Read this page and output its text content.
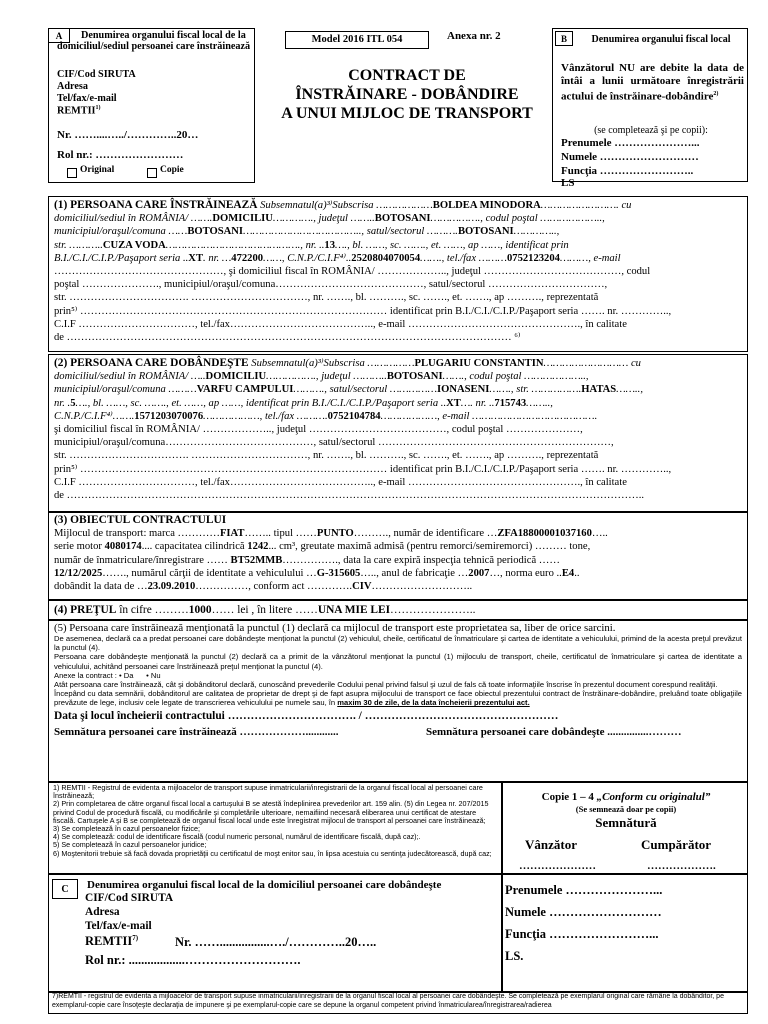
A	Denumirea organului fiscal local de la domiciliul/sediul persoanei care înstrăinează
CIF/Cod SIRUTA
Adresa
Tel/fax/e-mail
REMTII$^{1)}$
Nr. ……....…../…………..20…
Rol nr.: ……………………
Original	Copie
Model 2016 ITL 054	Anexa nr. 2
CONTRACT DE
ÎNSTRĂINARE - DOBÂNDIRE
A UNUI MIJLOC DE TRANSPORT
B	Denumirea organului fiscal local
Vânzătorul NU are debite la data de întâi a lunii următoare înregistrării actului de înstrăinare-dobândire$^{2)}$
(se completează şi pe copii):
Prenumele …………………...
Numele ………………………
Funcţia ……………………..
LS
(1) PERSOANA CARE ÎNSTRĂINEAZĂ Subsemnatul(a)³⁾Subscrisa ………………BOLDEA MINODORA……………………. cu
domiciliul/sediul în ROMÂNIA/ …….DOMICILIU…………., judeţul ……..BOTOSANI……………., codul poştal ………………..,
municipiul/oraşul/comuna ……BOTOSANI……………………………….., satul/sectorul ……….BOTOSANI…………..,
str. ………..CUZA VODA……………………………………., nr. ..13…., bl. ……, sc. ……., et. ……, ap ……, identificat prin
B.I./C.I./C.I.P./Paşaport seria ..XT. nr. …472200……, C.N.P./C.I.F⁴⁾..2520804070054……., tel./fax ………0752123204………, e-mail
…………………………………………, şi domiciliul fiscal în ROMÂNIA/ ……………….., judeţul …………………………………, codul
poştal …………………., municipiul/oraşul/comuna……………………………………, satul/sectorul ……………………………,
str. ……………………………. ……………………………, nr. ……., bl. ………., sc. ……., et. ……., ap ………., reprezentată
prin⁵⁾ …………………………………………………………………………… identificat prin B.I./C.I./C.I.P./Paşaport seria ……. nr. …………..,
C.I.F ……………………………, tel./fax………………………………….., e-mail …………………………………………., în calitate
de ……………………………………………………………………………………………………………… ⁶⁾
(2) PERSOANA CARE DOBÂNDEŞTE Subsemnatul(a)³⁾Subscrisa ……………PLUGARIU CONSTANTIN……………………… cu
domiciliul/sediul în ROMÂNIA/ …..DOMICILIU……………., judeţul ………..BOTOSANI……., codul poştal ………………..,
municipiul/oraşul/comuna ………VARFU CAMPULUI………., satul/sectorul ……………IONASENI……., str. …………….HATAS……..,
nr. .5…., bl. ……, sc. ……., et. ……, ap ……, identificat prin B.I./C.I./C.I.P./Paşaport seria ..XT…. nr. ..715743……..,
C.N.P./C.I.F⁴⁾…….1571203070076………………, tel./fax ……….0752104784………………, e-mail ………………………………….
şi domiciliul fiscal în ROMÂNIA/ ……………….., judeţul …………………………………, codul poştal …………………,
municipiul/oraşul/comuna……………………………………, satul/sectorul …………………………………………………………,
str. ……………………………. ……………………………, nr. ……., bl. ………., sc. ……., et. ……., ap ………., reprezentată
prin⁵⁾ …………………………………………………………………………… identificat prin B.I./C.I./C.I.P./Paşaport seria ……. nr. …………..,
C.I.F ……………………………, tel./fax………………………………….., e-mail …………………………………………., în calitate
de ………………………………………………………………………………………………………………………………………………..
(3) OBIECTUL CONTRACTULUI
Mijlocul de transport: marca …………FIAT…….. tipul ……PUNTO………., număr de identificare …ZFA18800001037160…..
serie motor 4080174.... capacitatea cilindrică 1242... cm³, greutate maximă admisă (pentru remorci/semiremorci) ……… tone,
număr de înmatriculare/înregistrare …… BT52MMB……………., data la care expiră inspecţia tehnică periodică ……
12/12/2025……., numărul cărţii de identitate a vehiculului …G-315605….., anul de fabricaţie …2007…, norma euro ..E4..
dobândit la data de …23.09.2010……………, conform act ………….CIV………………………..
(4) PREŢUL în cifre ………1000…… lei , în litere ……UNA MIE LEI…………………..
(5) Persoana care înstrăinează menţionată la punctul (1) declară ca mijlocul de transport este proprietatea sa, liber de orice sarcini.
De asemenea, declară ca a predat persoanei care dobândeşte menţionat la punctul (2) vehiculul, cheile, certificatul de înmatriculare şi cartea de identitate a vehiculului, primind de la acesta preţul prevăzut la punctul (4).
Persoana care dobândeşte menţionată la punctul (2) declară ca a primit de la vânzătorul menţionat la punctul (1) mijloculu de transport, cheile, certificatul de înmatriculare şi cartea de identitate a vehiculului, achitând persoanei care înstrăinează preţul menţionat la punctul (4).
Anexe la contract : • Da      • Nu
Atât persoana care înstrăinează, cât şi dobânditorul declară, cunoscând prevederile Codului penal privind falsul şi uzul de fals că toate informaţiile înscrise în prezentul document corespund realităţii.
Începând cu data semnării, dobânditorul are calitatea de proprietar de drept şi de fapt asupra mijlocului de transport ce face obiectul prezentului contract de înstrăinare-dobândire, preluând toate obligaţiile prevăzute de lege, inclusiv cele legate de transcrierea vehiculului pe numele sau, în maxim 30 de zile, de la data încheierii prezentului act.
Data şi locul încheierii contractului ……………………………. / ……………………………………………
Semnătura persoanei care înstrăinează ………………............	Semnătura persoanei care dobândeşte ...............………
1) REMTII - Registrul de evidenta a mijloacelor de transport supuse inmatricularii/inregistrarii de la organul fiscal local al persoanei care înstrăinează;
2) Prin completarea de către organul fiscal local a cartuşului B se atestă îndeplinirea prevederilor art. 159 alin. (5) din Legea nr. 207/2015 privind Codul de procedură fiscală, cu modificările şi completările ulterioare, nemaifiind necesară eliberarea unui certificat de atestare fiscală. Cartuşele A şi B se completează de organul fiscal local unde este înregistrat mijlocul de transport al persoanei care înstrăinează;
3) Se completează în cazul persoanelor fizice;
4) Se completează: codul de identificare fiscală (codul numeric personal, numărul de identificare fiscală, după caz);.
5) Se completează în cazul persoanelor juridice;
6) Moştenitorii trebuie să facă dovada proprietăţii cu certificatul de moşt enitor sau, în lipsa acestuia cu sentinţa judecătorească, după caz;
Copie 1 – 4 „Conform cu originalul”
(Se semnează doar pe copii)
Semnătură
Vânzător	Cumpărător
…………………	……………….
C	Denumirea organului fiscal local de la domiciliul persoanei care dobândeşte
CIF/Cod SIRUTA
Adresa
Tel/fax/e-mail
REMTII$^{7)}$	Nr. ……................…./…………..20…..
Rol nr.: ..................……………………….
Prenumele …………………...
Numele ………………………
Funcţia ……………………...
LS.
7)REMTII - registrul de evidenta a mijloacelor de transport supuse inmatricularii/inregistrarii de la organul fiscal local al persoanei care dobândeşte. Se completează pe exemplarul original care rămâne la dobânditor, pe exemplarul-copie care însoţeşte declaraţia de impunere şi pe exemplarul-copie care se depune la organul competent privind înmatricularea/înregistrarea/radierea
